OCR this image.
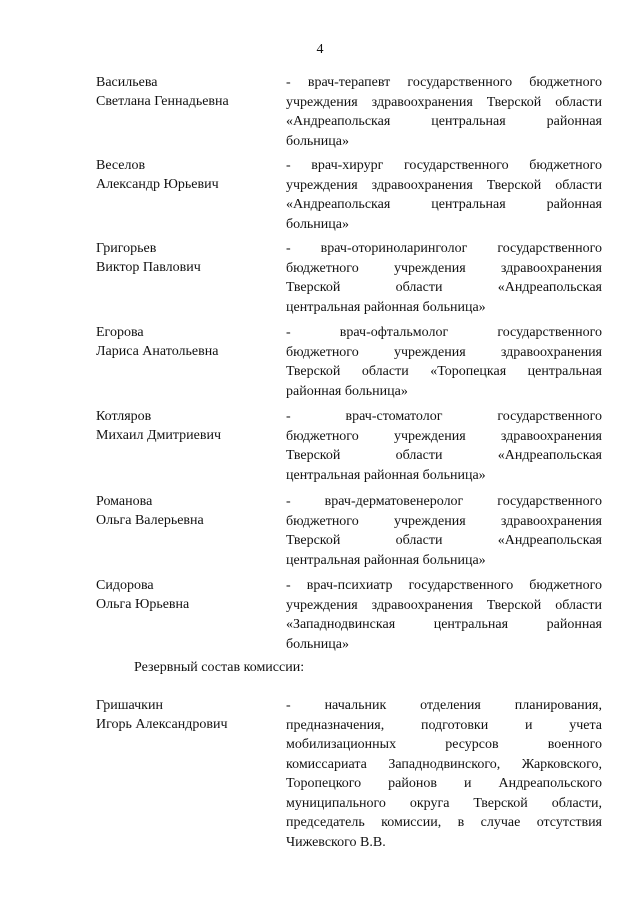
4
Васильева
Светлана Геннадьевна
- врач-терапевт государственного бюджетного
учреждения здравоохранения Тверской области
«Андреапольская центральная районная
больница»
Веселов
Александр Юрьевич
- врач-хирург государственного бюджетного
учреждения здравоохранения Тверской области
«Андреапольская центральная районная
больница»
Григорьев
Виктор Павлович
- врач-оториноларинголог государственного
бюджетного учреждения здравоохранения
Тверской области «Андреапольская
центральная районная больница»
Егорова
Лариса Анатольевна
- врач-офтальмолог государственного
бюджетного учреждения здравоохранения
Тверской области «Торопецкая центральная
районная больница»
Котляров
Михаил Дмитриевич
- врач-стоматолог государственного
бюджетного учреждения здравоохранения
Тверской области «Андреапольская
центральная районная больница»
Романова
Ольга Валерьевна
- врач-дерматовенеролог государственного
бюджетного учреждения здравоохранения
Тверской области «Андреапольская
центральная районная больница»
Сидорова
Ольга Юрьевна
- врач-психиатр государственного бюджетного
учреждения здравоохранения Тверской области
«Западнодвинская центральная районная
больница»
Резервный состав комиссии:
Гришачкин
Игорь Александрович
- начальник отделения планирования,
предназначения, подготовки и учета
мобилизационных ресурсов военного
комиссариата Западнодвинского, Жарковского,
Торопецкого районов и Андреапольского
муниципального округа Тверской области,
председатель комиссии, в случае отсутствия
Чижевского В.В.
